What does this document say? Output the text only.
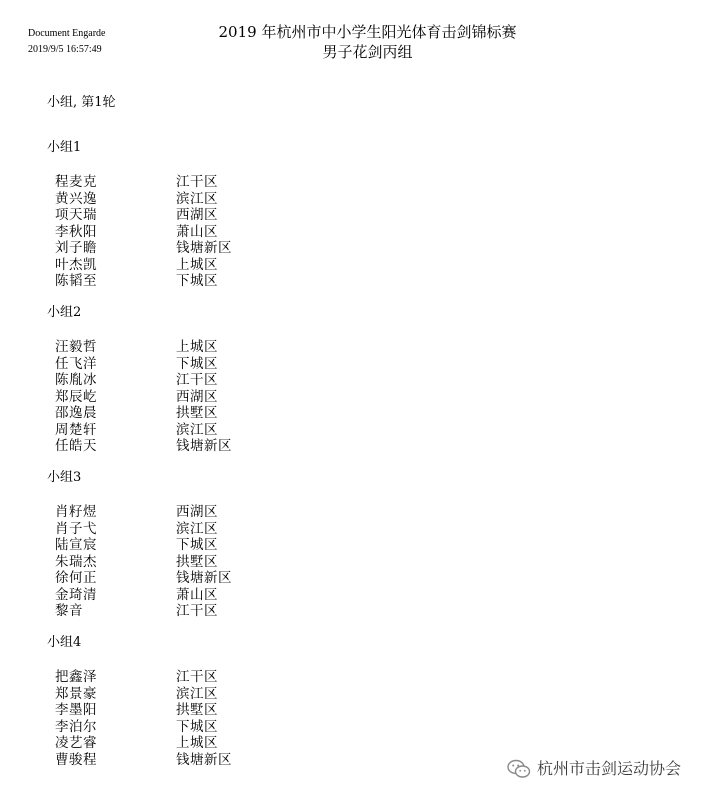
Document Engarde
2019/9/5 16:57:49
2019 年杭州市中小学生阳光体育击剑锦标赛
男子花剑丙组
小组, 第1轮
小组1
程麦克	江干区
黄兴逸	滨江区
项天瑞	西湖区
李秋阳	萧山区
刘子瞻	钱塘新区
叶杰凯	上城区
陈韬至	下城区
小组2
汪毅哲	上城区
任飞洋	下城区
陈胤冰	江干区
郑辰屹	西湖区
邵逸晨	拱墅区
周楚轩	滨江区
任皓天	钱塘新区
小组3
肖籽煜	西湖区
肖子弋	滨江区
陆宣宸	下城区
朱瑞杰	拱墅区
徐何正	钱塘新区
金琦清	萧山区
黎音	江干区
小组4
把鑫泽	江干区
郑景豪	滨江区
李墨阳	拱墅区
李泊尔	下城区
凌艺睿	上城区
曹骏程	钱塘新区	杭州市击剑运动协会
